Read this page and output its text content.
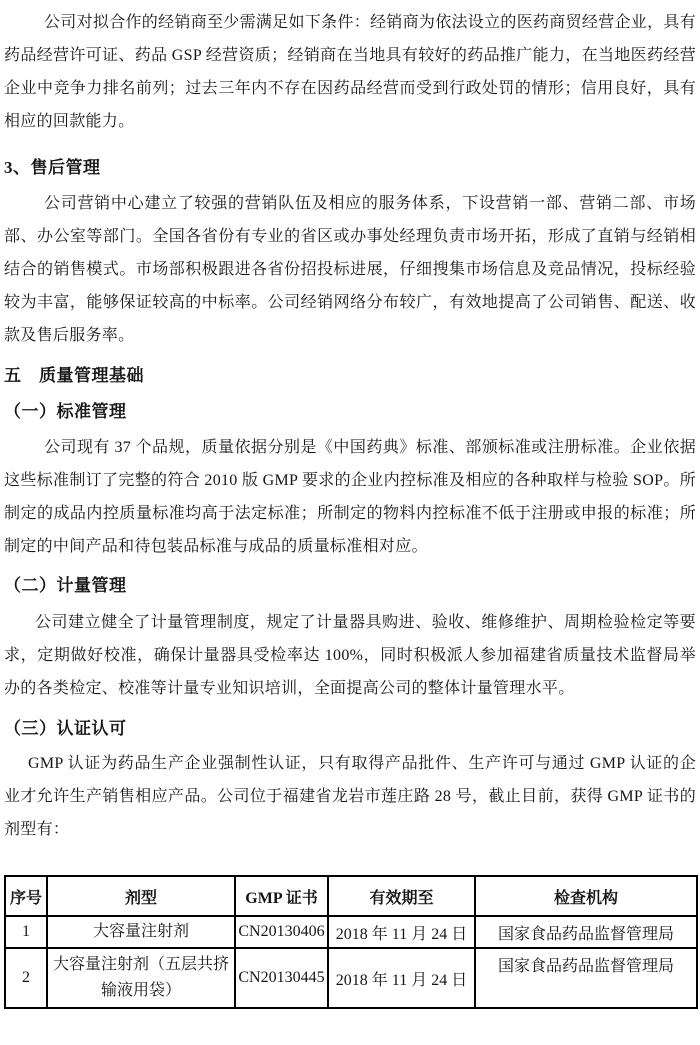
公司对拟合作的经销商至少需满足如下条件：经销商为依法设立的医药商贸经营企业，具有药品经营许可证、药品 GSP 经营资质；经销商在当地具有较好的药品推广能力，在当地医药经营企业中竞争力排名前列；过去三年内不存在因药品经营而受到行政处罚的情形；信用良好，具有相应的回款能力。

3、售后管理

公司营销中心建立了较强的营销队伍及相应的服务体系，下设营销一部、营销二部、市场部、办公室等部门。全国各省份有专业的省区或办事处经理负责市场开拓，形成了直销与经销相结合的销售模式。市场部积极跟进各省份招投标进展，仔细搜集市场信息及竞品情况，投标经验较为丰富，能够保证较高的中标率。公司经销网络分布较广，有效地提高了公司销售、配送、收款及售后服务率。

五　质量管理基础
（一）标准管理

公司现有 37 个品规，质量依据分别是《中国药典》标准、部颁标准或注册标准。企业依据这些标准制订了完整的符合 2010 版 GMP 要求的企业内控标准及相应的各种取样与检验 SOP。所制定的成品内控质量标准均高于法定标准；所制定的物料内控标准不低于注册或申报的标准；所制定的中间产品和待包装品标准与成品的质量标准相对应。

（二）计量管理

公司建立健全了计量管理制度，规定了计量器具购进、验收、维修维护、周期检验检定等要求，定期做好校准，确保计量器具受检率达 100%，同时积极派人参加福建省质量技术监督局举办的各类检定、校准等计量专业知识培训，全面提高公司的整体计量管理水平。

（三）认证认可

GMP 认证为药品生产企业强制性认证，只有取得产品批件、生产许可与通过 GMP 认证的企业才允许生产销售相应产品。公司位于福建省龙岩市莲庄路 28 号，截止目前，获得 GMP 证书的剂型有：

序号	剂型	GMP 证书	有效期至	检查机构
1	大容量注射剂	CN20130406	2018 年 11 月 24 日	国家食品药品监督管理局
2	大容量注射剂（五层共挤输液用袋）	CN20130445	2018 年 11 月 24 日	国家食品药品监督管理局
